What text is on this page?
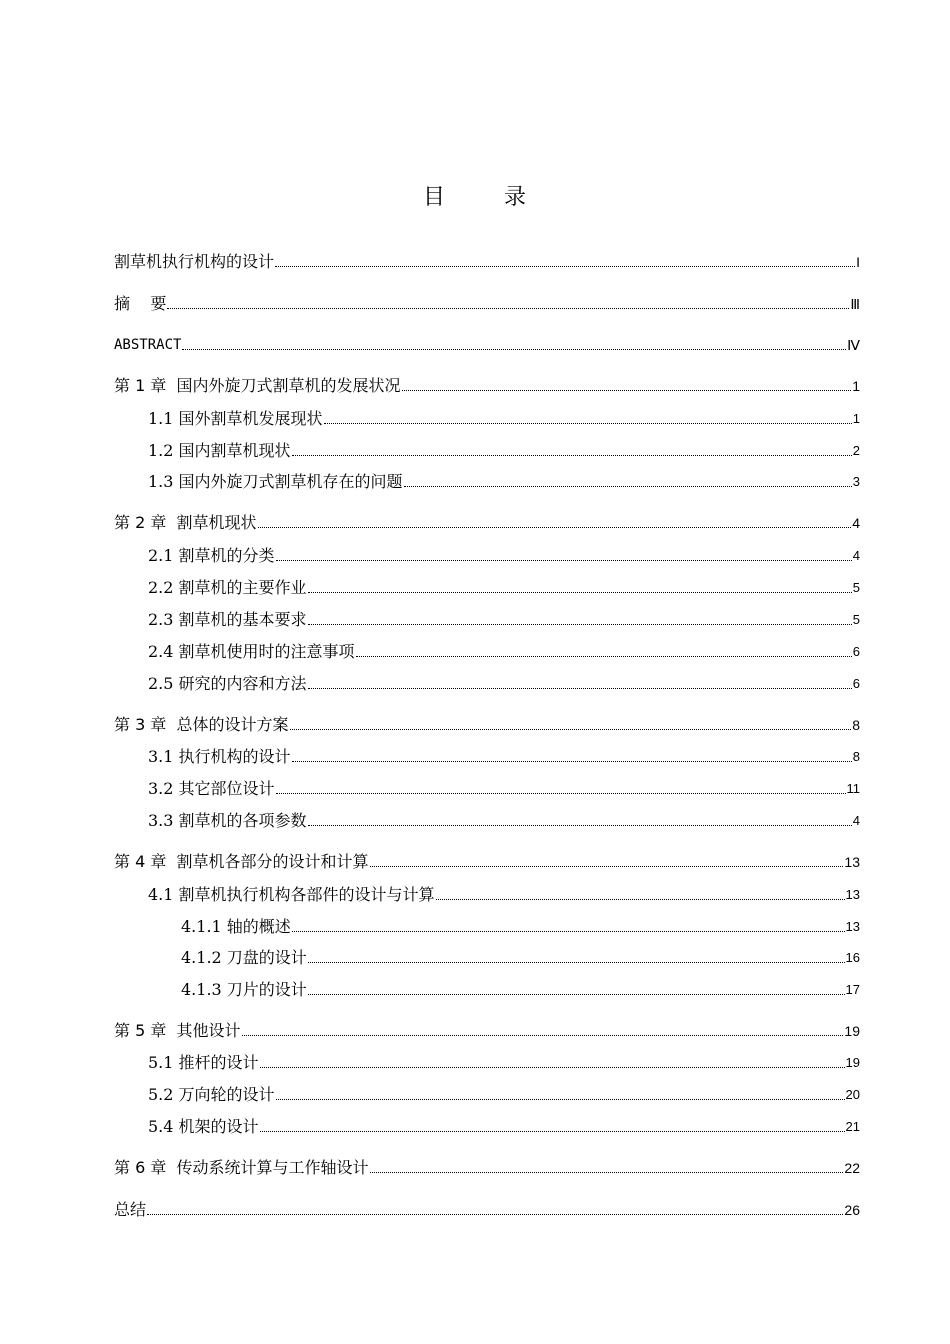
目 录
割草机执行机构的设计	I
摘    要	Ⅲ
ABSTRACT	Ⅳ
第 1 章  国内外旋刀式割草机的发展状况	1
1.1 国外割草机发展现状	1
1.2 国内割草机现状	2
1.3 国内外旋刀式割草机存在的问题	3
第 2 章  割草机现状	4
2.1 割草机的分类	4
2.2 割草机的主要作业	5
2.3 割草机的基本要求	5
2.4 割草机使用时的注意事项	6
2.5 研究的内容和方法	6
第 3 章  总体的设计方案	8
3.1 执行机构的设计	8
3.2 其它部位设计	11
3.3 割草机的各项参数	4
第 4 章  割草机各部分的设计和计算	13
4.1 割草机执行机构各部件的设计与计算	13
4.1.1 轴的概述	13
4.1.2 刀盘的设计	16
4.1.3 刀片的设计	17
第 5 章  其他设计	19
5.1 推杆的设计	19
5.2 万向轮的设计	20
5.4 机架的设计	21
第 6 章  传动系统计算与工作轴设计	22
总结	26
